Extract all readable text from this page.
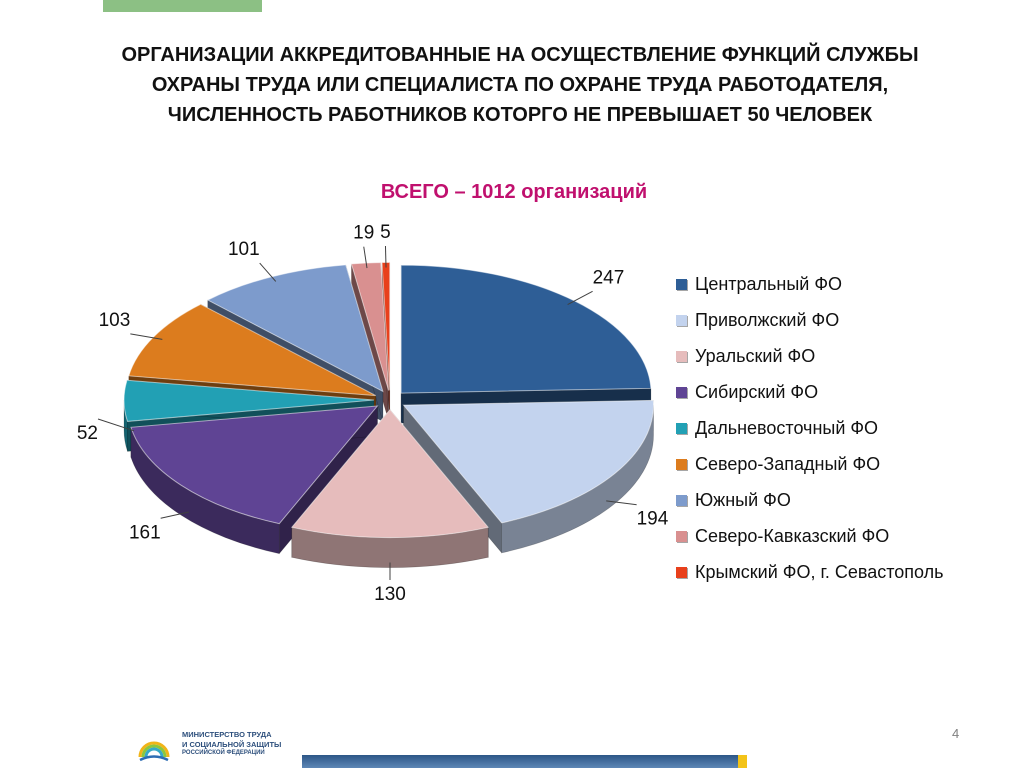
ОРГАНИЗАЦИИ АККРЕДИТОВАННЫЕ НА ОСУЩЕСТВЛЕНИЕ ФУНКЦИЙ СЛУЖБЫ ОХРАНЫ ТРУДА ИЛИ СПЕЦИАЛИСТА ПО ОХРАНЕ ТРУДА РАБОТОДАТЕЛЯ, ЧИСЛЕННОСТЬ РАБОТНИКОВ КОТОРГО НЕ ПРЕВЫШАЕТ 50 ЧЕЛОВЕК
ВСЕГО – 1012 организаций
247
194
130
161
52
103
101
19 5
Центральный ФО
Приволжский ФО
Уральский ФО
Сибирский ФО
Дальневосточный ФО
Северо-Западный ФО
Южный ФО
Северо-Кавказский ФО
Крымский ФО, г. Севастополь
МИНИСТЕРСТВО ТРУДА
И СОЦИАЛЬНОЙ ЗАЩИТЫ
РОССИЙСКОЙ ФЕДЕРАЦИИ
4
